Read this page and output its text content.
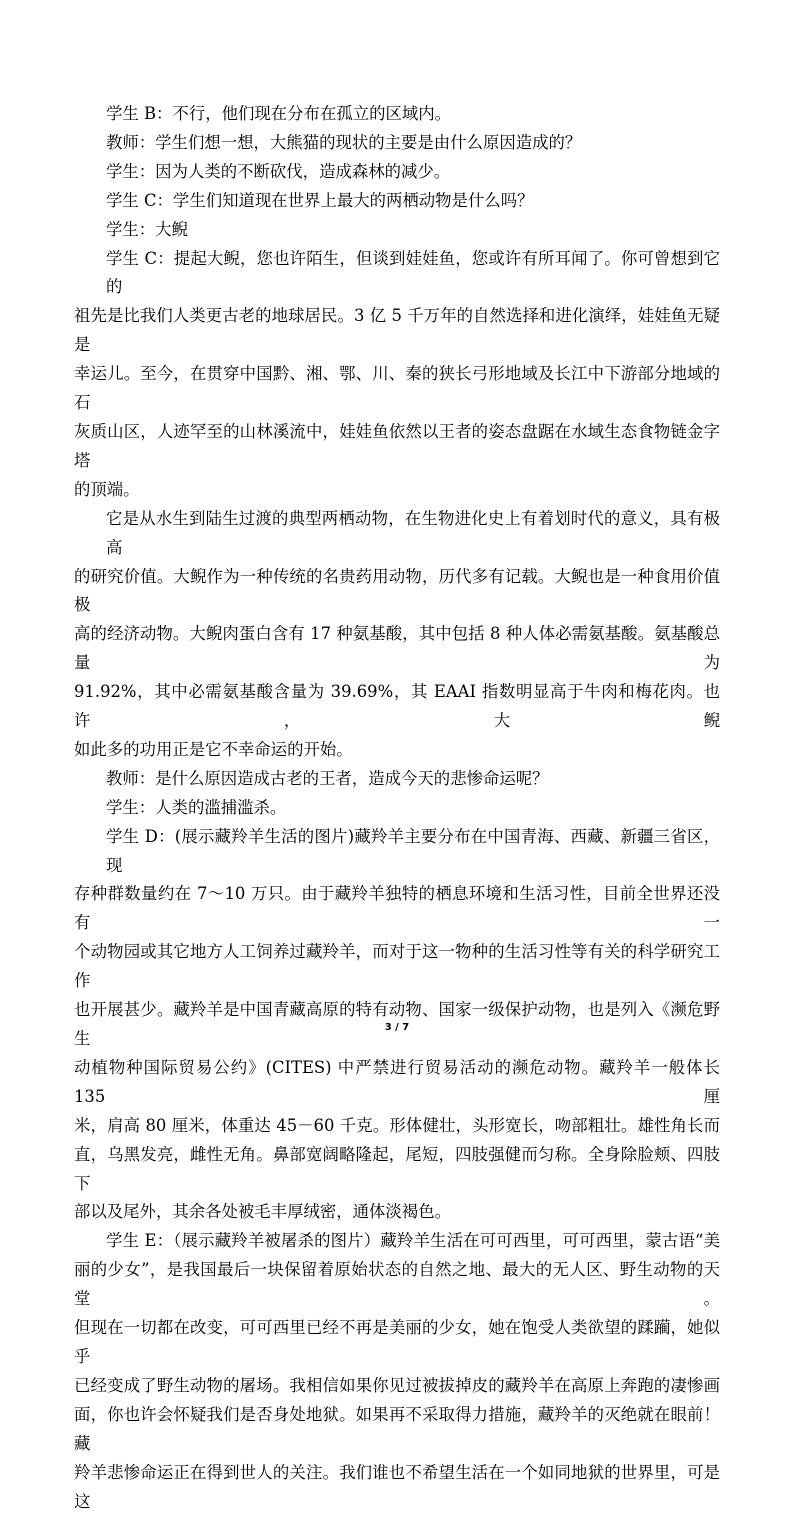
学生 B：不行，他们现在分布在孤立的区域内。

教师：学生们想一想，大熊猫的现状的主要是由什么原因造成的？

学生：因为人类的不断砍伐，造成森林的减少。

学生 C：学生们知道现在世界上最大的两栖动物是什么吗？

学生：大鲵

学生 C：提起大鲵，您也许陌生，但谈到娃娃鱼，您或许有所耳闻了。你可曾想到它的

祖先是比我们人类更古老的地球居民。3 亿 5 千万年的自然选择和进化演绎，娃娃鱼无疑是

幸运儿。至今，在贯穿中国黔、湘、鄂、川、秦的狭长弓形地域及长江中下游部分地域的石

灰质山区，人迹罕至的山林溪流中，娃娃鱼依然以王者的姿态盘踞在水域生态食物链金字塔

的顶端。

它是从水生到陆生过渡的典型两栖动物，在生物进化史上有着划时代的意义，具有极高

的研究价值。大鲵作为一种传统的名贵药用动物，历代多有记载。大鲵也是一种食用价值极

高的经济动物。大鲵肉蛋白含有 17 种氨基酸，其中包括 8 种人体必需氨基酸。氨基酸总量为

91.92%，其中必需氨基酸含量为 39.69%，其 EAAI 指数明显高于牛肉和梅花肉。也许，大鲵

如此多的功用正是它不幸命运的开始。

教师：是什么原因造成古老的王者，造成今天的悲惨命运呢？

学生：人类的滥捕滥杀。

学生 D：(展示藏羚羊生活的图片)藏羚羊主要分布在中国青海、西藏、新疆三省区，现

存种群数量约在 7～10 万只。由于藏羚羊独特的栖息环境和生活习性，目前全世界还没有一

个动物园或其它地方人工饲养过藏羚羊，而对于这一物种的生活习性等有关的科学研究工作

也开展甚少。藏羚羊是中国青藏高原的特有动物、国家一级保护动物，也是列入《濒危野生

动植物种国际贸易公约》(CITES) 中严禁进行贸易活动的濒危动物。藏羚羊一般体长 135 厘

米，肩高 80 厘米，体重达 45－60 千克。形体健壮，头形宽长，吻部粗壮。雄性角长而

直，乌黑发亮，雌性无角。鼻部宽阔略隆起，尾短，四肢强健而匀称。全身除脸颊、四肢下

部以及尾外，其余各处被毛丰厚绒密，通体淡褐色。

学生 E：（展示藏羚羊被屠杀的图片）藏羚羊生活在可可西里，可可西里，蒙古语“美

丽的少女”，是我国最后一块保留着原始状态的自然之地、最大的无人区、野生动物的天堂。

但现在一切都在改变，可可西里已经不再是美丽的少女，她在饱受人类欲望的蹂躏，她似乎

已经变成了野生动物的屠场。我相信如果你见过被拔掉皮的藏羚羊在高原上奔跑的凄惨画

面，你也许会怀疑我们是否身处地狱。如果再不采取得力措施，藏羚羊的灭绝就在眼前！藏

羚羊悲惨命运正在得到世人的关注。我们谁也不希望生活在一个如同地狱的世界里，可是这

3 / 7
